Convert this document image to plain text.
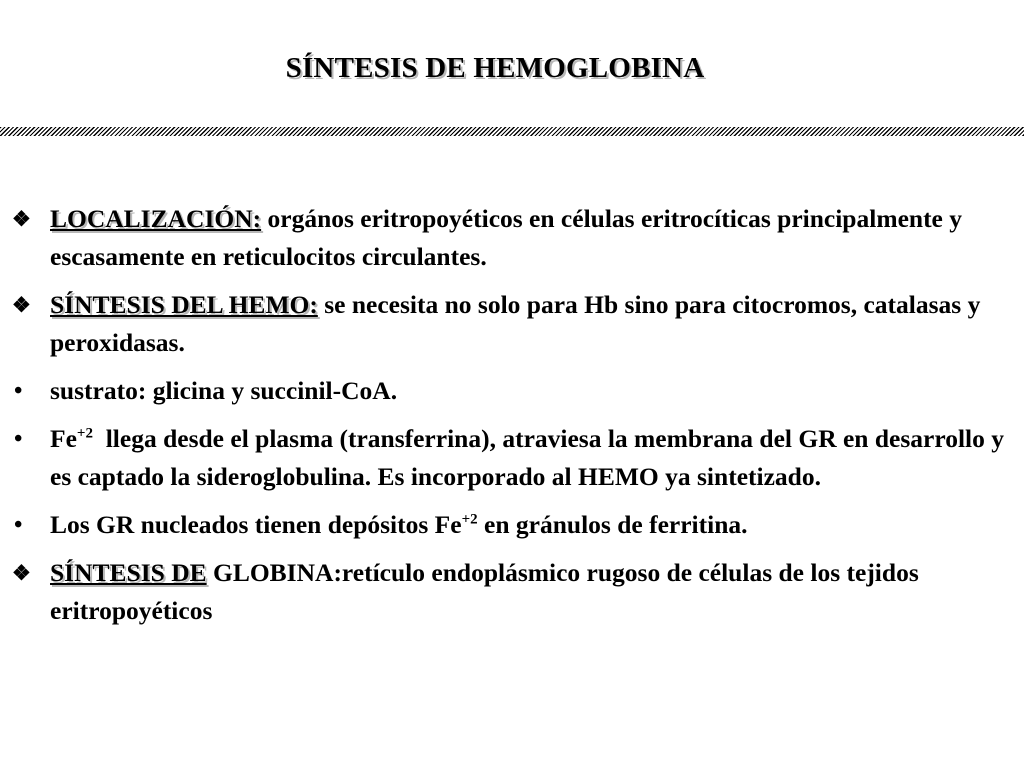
SÍNTESIS DE HEMOGLOBINA
❖ LOCALIZACIÓN: orgános eritropoyéticos en células eritrocíticas principalmente y escasamente en reticulocitos circulantes.
❖ SÍNTESIS DEL HEMO: se necesita no solo para Hb sino para citocromos, catalasas y peroxidasas.
•	sustrato: glicina y succinil-CoA.
•	$Fe^{+2}$  llega desde el plasma (transferrina), atraviesa la membrana del GR en desarrollo y es captado la sideroglobulina. Es incorporado al HEMO ya sintetizado.
•	Los GR nucleados tienen depósitos $Fe^{+2}$ en gránulos de ferritina.
❖ SÍNTESIS DE GLOBINA:retículo endoplásmico rugoso de células de los tejidos eritropoyéticos
